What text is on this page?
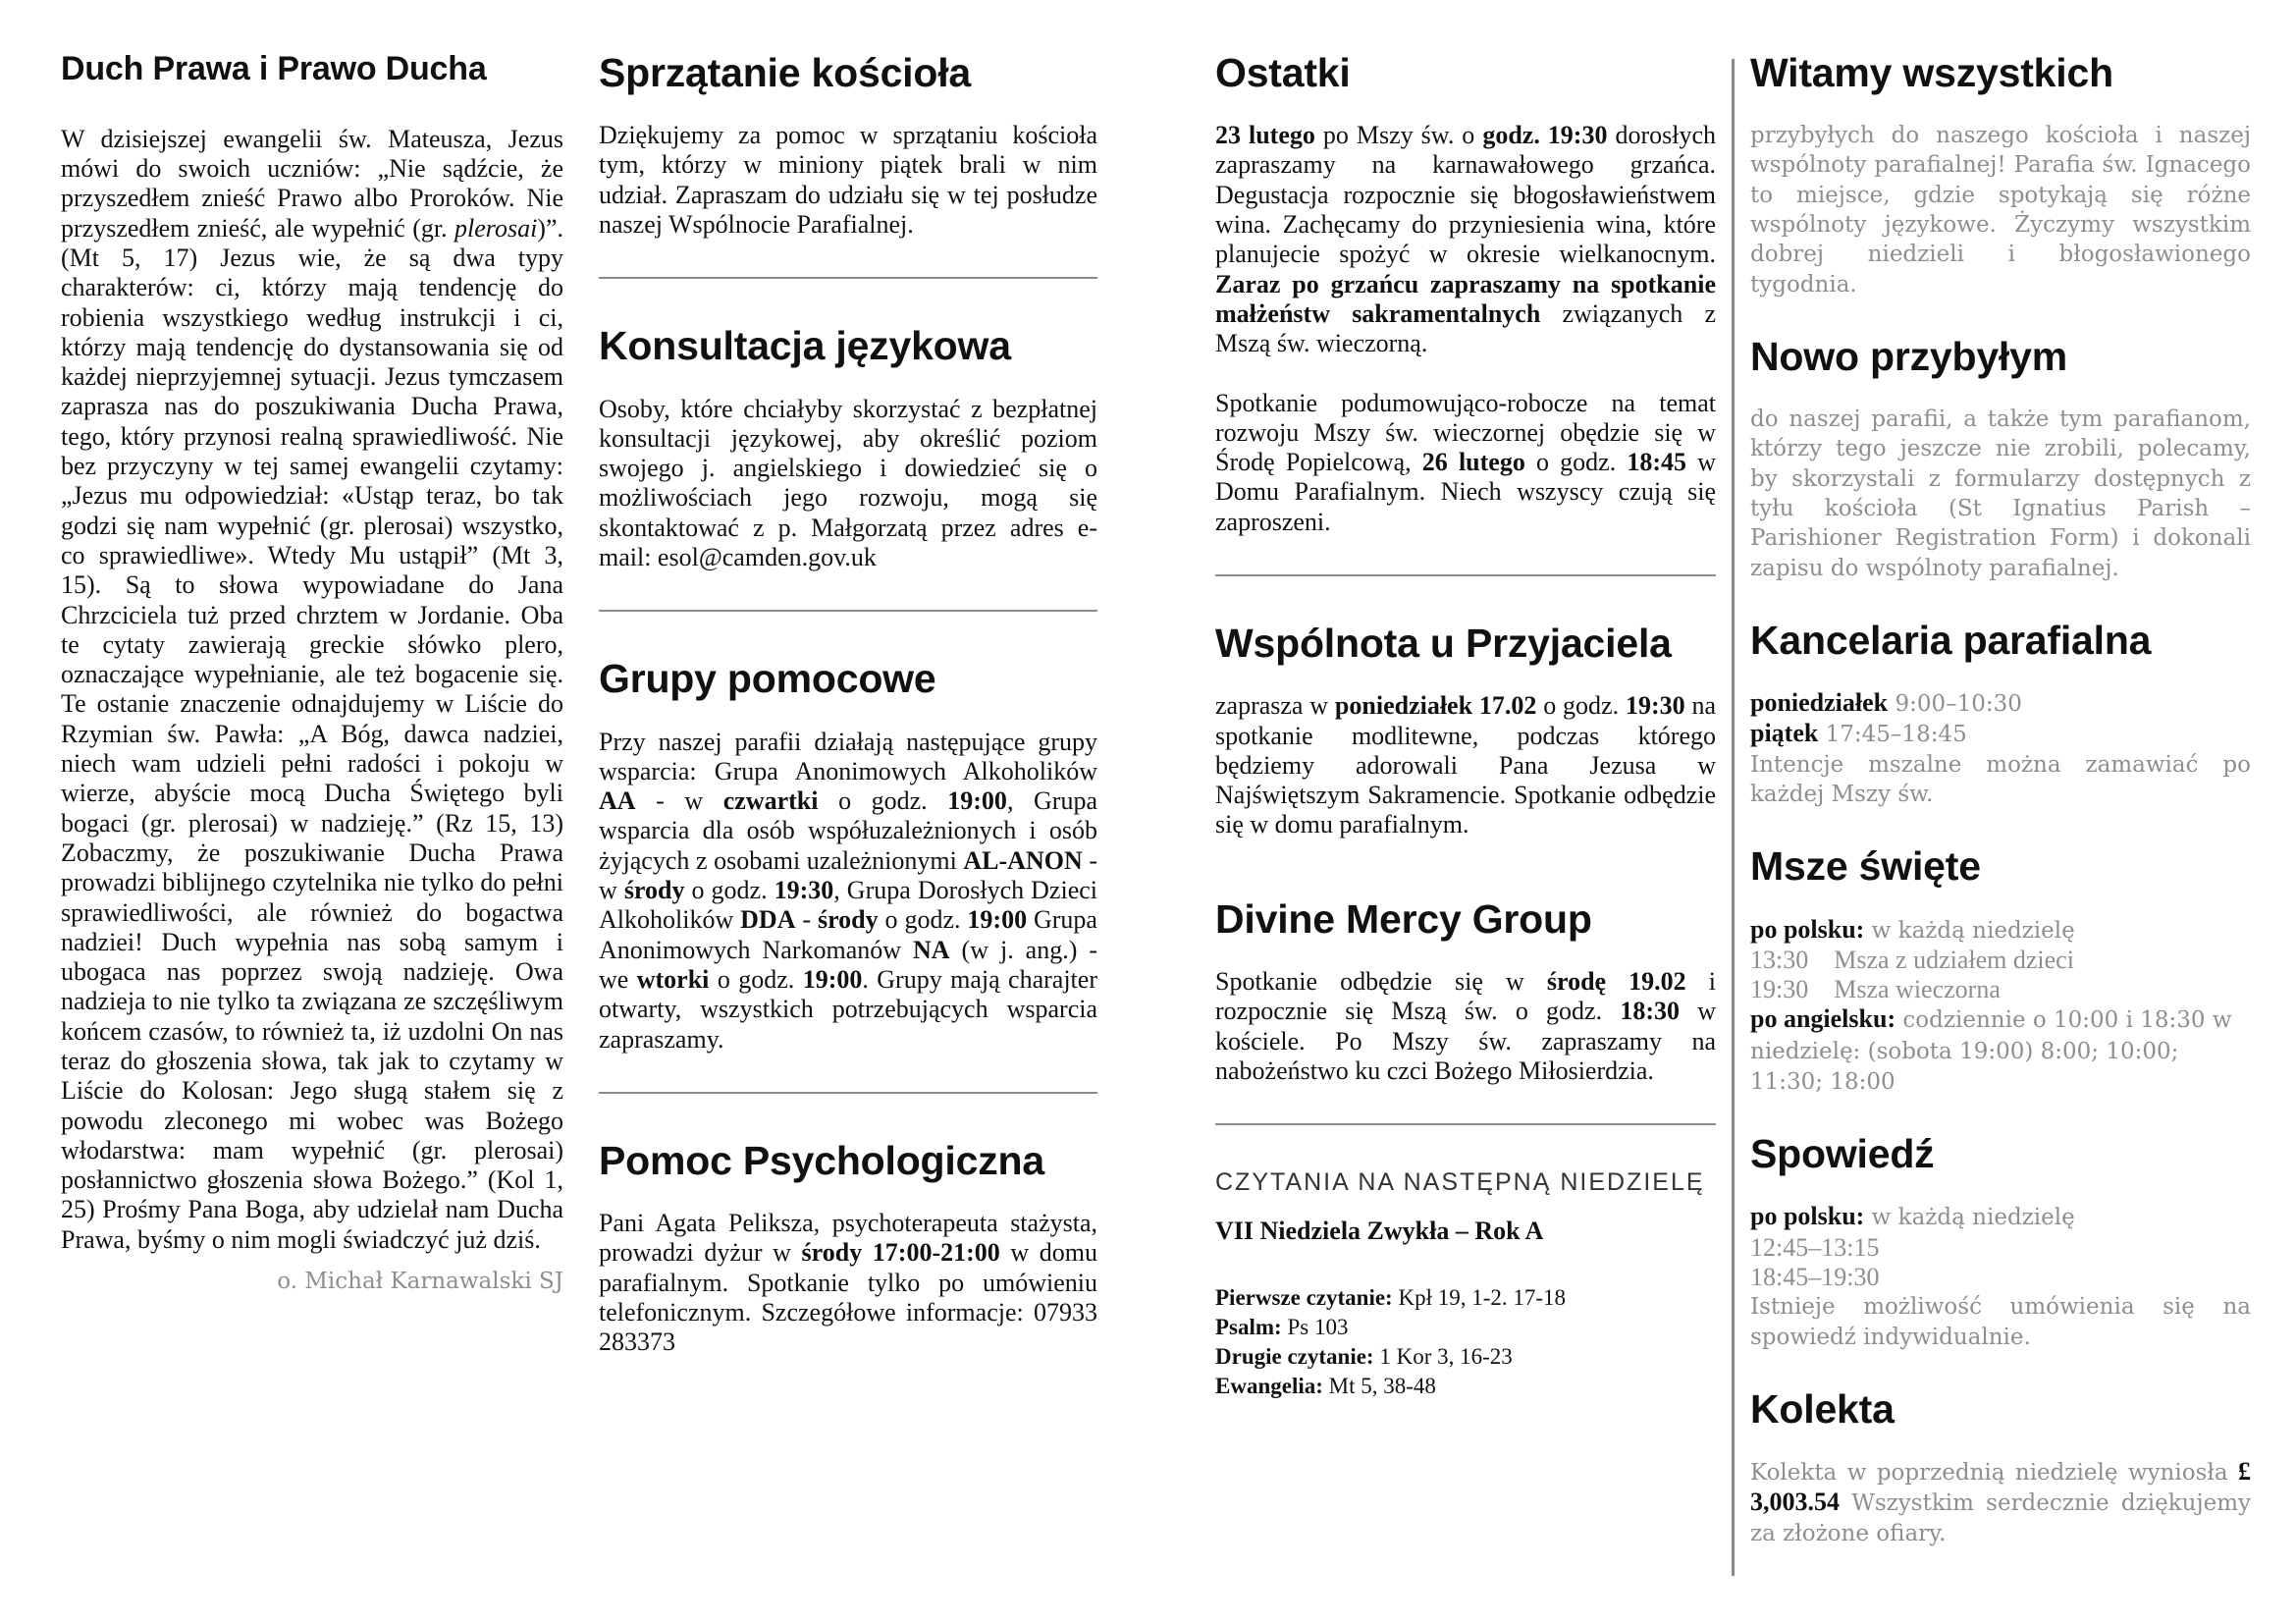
Duch Prawa i Prawo Ducha

W dzisiejszej ewangelii św. Mateusza, Jezus mówi do swoich uczniów: „Nie sądźcie, że przyszedłem znieść Prawo albo Proroków. Nie przyszedłem znieść, ale wypełnić (gr. plerosai)”. (Mt 5, 17) Jezus wie, że są dwa typy charakterów: ci, którzy mają tendencję do robienia wszystkiego według instrukcji i ci, którzy mają tendencję do dystansowania się od każdej nieprzyjemnej sytuacji. Jezus tymczasem zaprasza nas do poszukiwania Ducha Prawa, tego, który przynosi realną sprawiedliwość. Nie bez przyczyny w tej samej ewangelii czytamy: „Jezus mu odpowiedział: «Ustąp teraz, bo tak godzi się nam wypełnić (gr. plerosai) wszystko, co sprawiedliwe». Wtedy Mu ustąpił” (Mt 3, 15). Są to słowa wypowiadane do Jana Chrzciciela tuż przed chrztem w Jordanie. Oba te cytaty zawierają greckie słówko plero, oznaczające wypełnianie, ale też bogacenie się. Te ostanie znaczenie odnajdujemy w Liście do Rzymian św. Pawła: „A Bóg, dawca nadziei, niech wam udzieli pełni radości i pokoju w wierze, abyście mocą Ducha Świętego byli bogaci (gr. plerosai) w nadzieję.” (Rz 15, 13) Zobaczmy, że poszukiwanie Ducha Prawa prowadzi biblijnego czytelnika nie tylko do pełni sprawiedliwości, ale również do bogactwa nadziei! Duch wypełnia nas sobą samym i ubogaca nas poprzez swoją nadzieję. Owa nadzieja to nie tylko ta związana ze szczęśliwym końcem czasów, to również ta, iż uzdolni On nas teraz do głoszenia słowa, tak jak to czytamy w Liście do Kolosan: Jego sługą stałem się z powodu zleconego mi wobec was Bożego włodarstwa: mam wypełnić (gr. plerosai) posłannictwo głoszenia słowa Bożego.” (Kol 1, 25) Prośmy Pana Boga, aby udzielał nam Ducha Prawa, byśmy o nim mogli świadczyć już dziś.

o. Michał Karnawalski SJ
Sprzątanie kościoła

Dziękujemy za pomoc w sprzątaniu kościoła tym, którzy w miniony piątek brali w nim udział. Zapraszam do udziału się w tej posłudze naszej Wspólnocie Parafialnej.

Konsultacja językowa

Osoby, które chciałyby skorzystać z bezpłatnej konsultacji językowej, aby określić poziom swojego j. angielskiego i dowiedzieć się o możliwościach jego rozwoju, mogą się skontaktować z p. Małgorzatą przez adres e-mail: esol@camden.gov.uk

Grupy pomocowe

Przy naszej parafii działają następujące grupy wsparcia: Grupa Anonimowych Alkoholików AA - w czwartki o godz. 19:00, Grupa wsparcia dla osób współuzależnionych i osób żyjących z osobami uzależnionymi AL-ANON - w środy o godz. 19:30, Grupa Dorosłych Dzieci Alkoholików DDA - środy o godz. 19:00 Grupa Anonimowych Narkomanów NA (w j. ang.) - we wtorki o godz. 19:00. Grupy mają charajter otwarty, wszystkich potrzebujących wsparcia zapraszamy.

Pomoc Psychologiczna

Pani Agata Peliksza, psychoterapeuta stażysta, prowadzi dyżur w środy 17:00-21:00 w domu parafialnym. Spotkanie tylko po umówieniu telefonicznym. Szczegółowe informacje: 07933 283373

Ostatki

23 lutego po Mszy św. o godz. 19:30 dorosłych zapraszamy na karnawałowego grzańca. Degustacja rozpocznie się błogosławieństwem wina. Zachęcamy do przyniesienia wina, które planujecie spożyć w okresie wielkanocnym. Zaraz po grzańcu zapraszamy na spotkanie małżeństw sakramentalnych związanych z Mszą św. wieczorną.

Spotkanie podumowująco-robocze na temat rozwoju Mszy św. wieczornej obędzie się w Środę Popielcową, 26 lutego o godz. 18:45 w Domu Parafialnym. Niech wszyscy czują się zaproszeni.

Wspólnota u Przyjaciela

zaprasza w poniedziałek 17.02 o godz. 19:30 na spotkanie modlitewne, podczas którego będziemy adorowali Pana Jezusa w Najświętszym Sakramencie. Spotkanie odbędzie się w domu parafialnym.

Divine Mercy Group

Spotkanie odbędzie się w środę 19.02 i rozpocznie się Mszą św. o godz. 18:30 w kościele. Po Mszy św. zapraszamy na nabożeństwo ku czci Bożego Miłosierdzia.

CZYTANIA NA NASTĘPNĄ NIEDZIELĘ
VII Niedziela Zwykła – Rok A
Pierwsze czytanie: Kpł 19, 1-2. 17-18
Psalm: Ps 103
Drugie czytanie: 1 Kor 3, 16-23
Ewangelia: Mt 5, 38-48
Witamy wszystkich

przybyłych do naszego kościoła i naszej wspólnoty parafialnej! Parafia św. Ignacego to miejsce, gdzie spotykają się różne wspólnoty językowe. Życzymy wszystkim dobrej niedzieli i błogosławionego tygodnia.

Nowo przybyłym

do naszej parafii, a także tym parafianom, którzy tego jeszcze nie zrobili, polecamy, by skorzystali z formularzy dostępnych z tyłu kościoła (St Ignatius Parish – Parishioner Registration Form) i dokonali zapisu do wspólnoty parafialnej.

Kancelaria parafialna
poniedziałek 9:00–10:30
piątek 17:45–18:45

Intencje mszalne można zamawiać po każdej Mszy św.

Msze święte
po polsku: w każdą niedzielę
13:30    Msza z udziałem dzieci
19:30    Msza wieczorna
po angielsku: codziennie o 10:00 i 18:30 w niedzielę: (sobota 19:00) 8:00; 10:00; 11:30; 18:00
Spowiedź
po polsku: w każdą niedzielę
12:45–13:15
18:45–19:30

Istnieje możliwość umówienia się na spowiedź indywidualnie.

Kolekta

Kolekta w poprzednią niedzielę wyniosła £ 3,003.54 Wszystkim serdecznie dziękujemy za złożone ofiary.
